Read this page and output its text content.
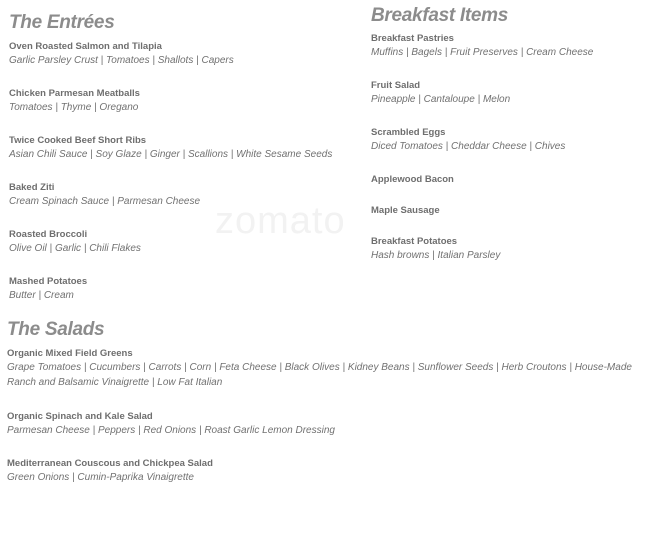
zomato
The Entrées
Oven Roasted Salmon and Tilapia
Garlic Parsley Crust | Tomatoes | Shallots | Capers
Chicken Parmesan Meatballs
Tomatoes | Thyme | Oregano
Twice Cooked Beef Short Ribs
Asian Chili Sauce | Soy Glaze | Ginger | Scallions | White Sesame Seeds
Baked Ziti
Cream Spinach Sauce | Parmesan Cheese
Roasted Broccoli
Olive Oil | Garlic | Chili Flakes
Mashed Potatoes
Butter | Cream
Breakfast Items
Breakfast Pastries
Muffins | Bagels | Fruit Preserves | Cream Cheese
Fruit Salad
Pineapple | Cantaloupe | Melon
Scrambled Eggs
Diced Tomatoes | Cheddar Cheese | Chives
Applewood Bacon
Maple Sausage
Breakfast Potatoes
Hash browns | Italian Parsley
The Salads
Organic Mixed Field Greens
Grape Tomatoes | Cucumbers | Carrots | Corn | Feta Cheese | Black Olives | Kidney Beans | Sunflower Seeds | Herb Croutons | House-Made Ranch and Balsamic Vinaigrette | Low Fat Italian
Organic Spinach and Kale Salad
Parmesan Cheese | Peppers | Red Onions | Roast Garlic Lemon Dressing
Mediterranean Couscous and Chickpea Salad
Green Onions | Cumin-Paprika Vinaigrette
